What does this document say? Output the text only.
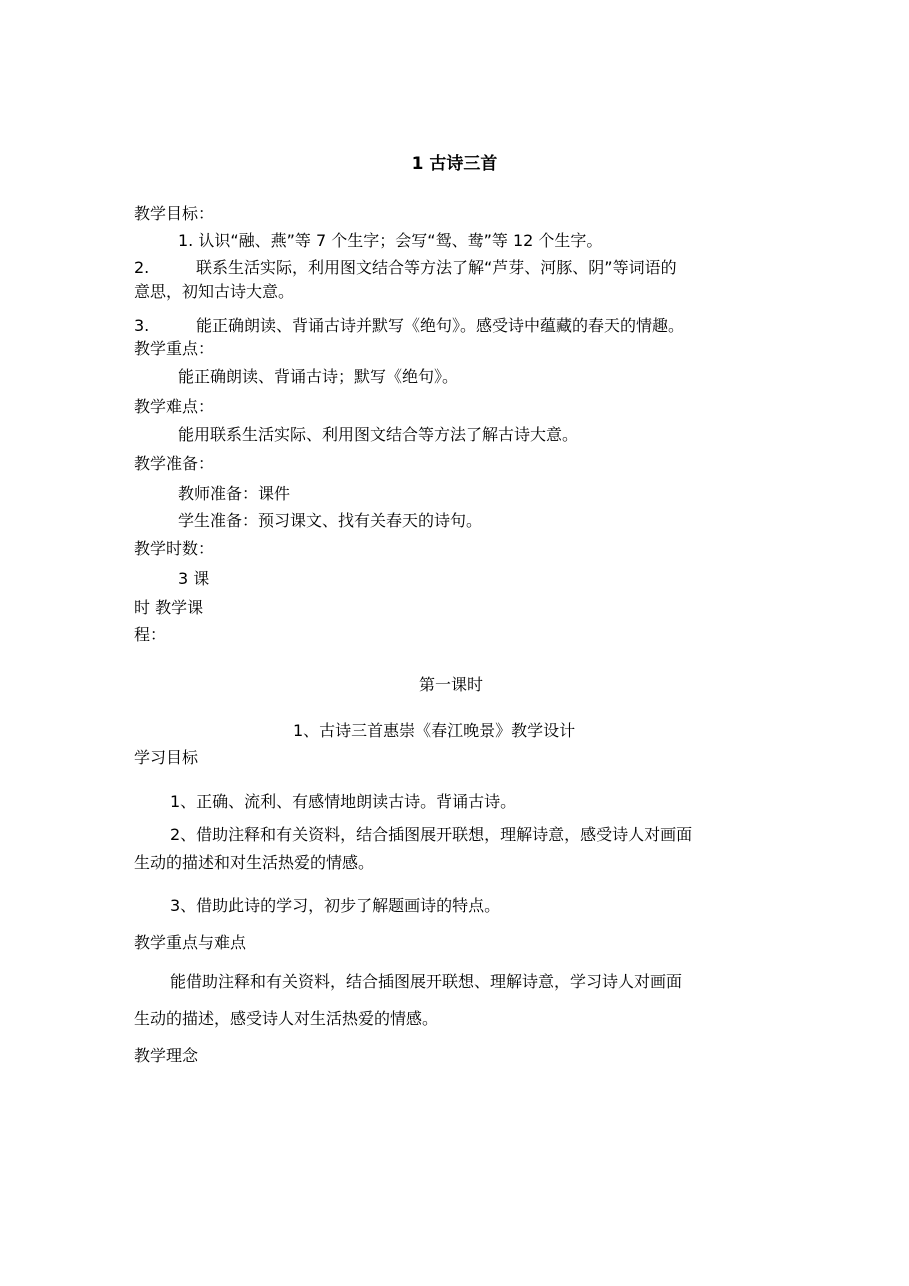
1 古诗三首
教学目标：
1. 认识“融、燕”等 7 个生字；会写“鸳、鸯”等 12 个生字。
2.	联系生活实际，利用图文结合等方法了解“芦芽、河豚、阴”等词语的
意思，初知古诗大意。
3.	能正确朗读、背诵古诗并默写《绝句》。感受诗中蕴藏的春天的情趣。
教学重点：
能正确朗读、背诵古诗；默写《绝句》。
教学难点：
能用联系生活实际、利用图文结合等方法了解古诗大意。
教学准备：
教师准备：课件
学生准备：预习课文、找有关春天的诗句。
教学时数：
3 课
时 教学课
程：
第一课时
1、古诗三首惠崇《春江晚景》教学设计
学习目标
1、正确、流利、有感情地朗读古诗。背诵古诗。
2、借助注释和有关资料，结合插图展开联想，理解诗意，感受诗人对画面
生动的描述和对生活热爱的情感。
3、借助此诗的学习，初步了解题画诗的特点。
教学重点与难点
能借助注释和有关资料，结合插图展开联想、理解诗意，学习诗人对画面
生动的描述，感受诗人对生活热爱的情感。
教学理念
